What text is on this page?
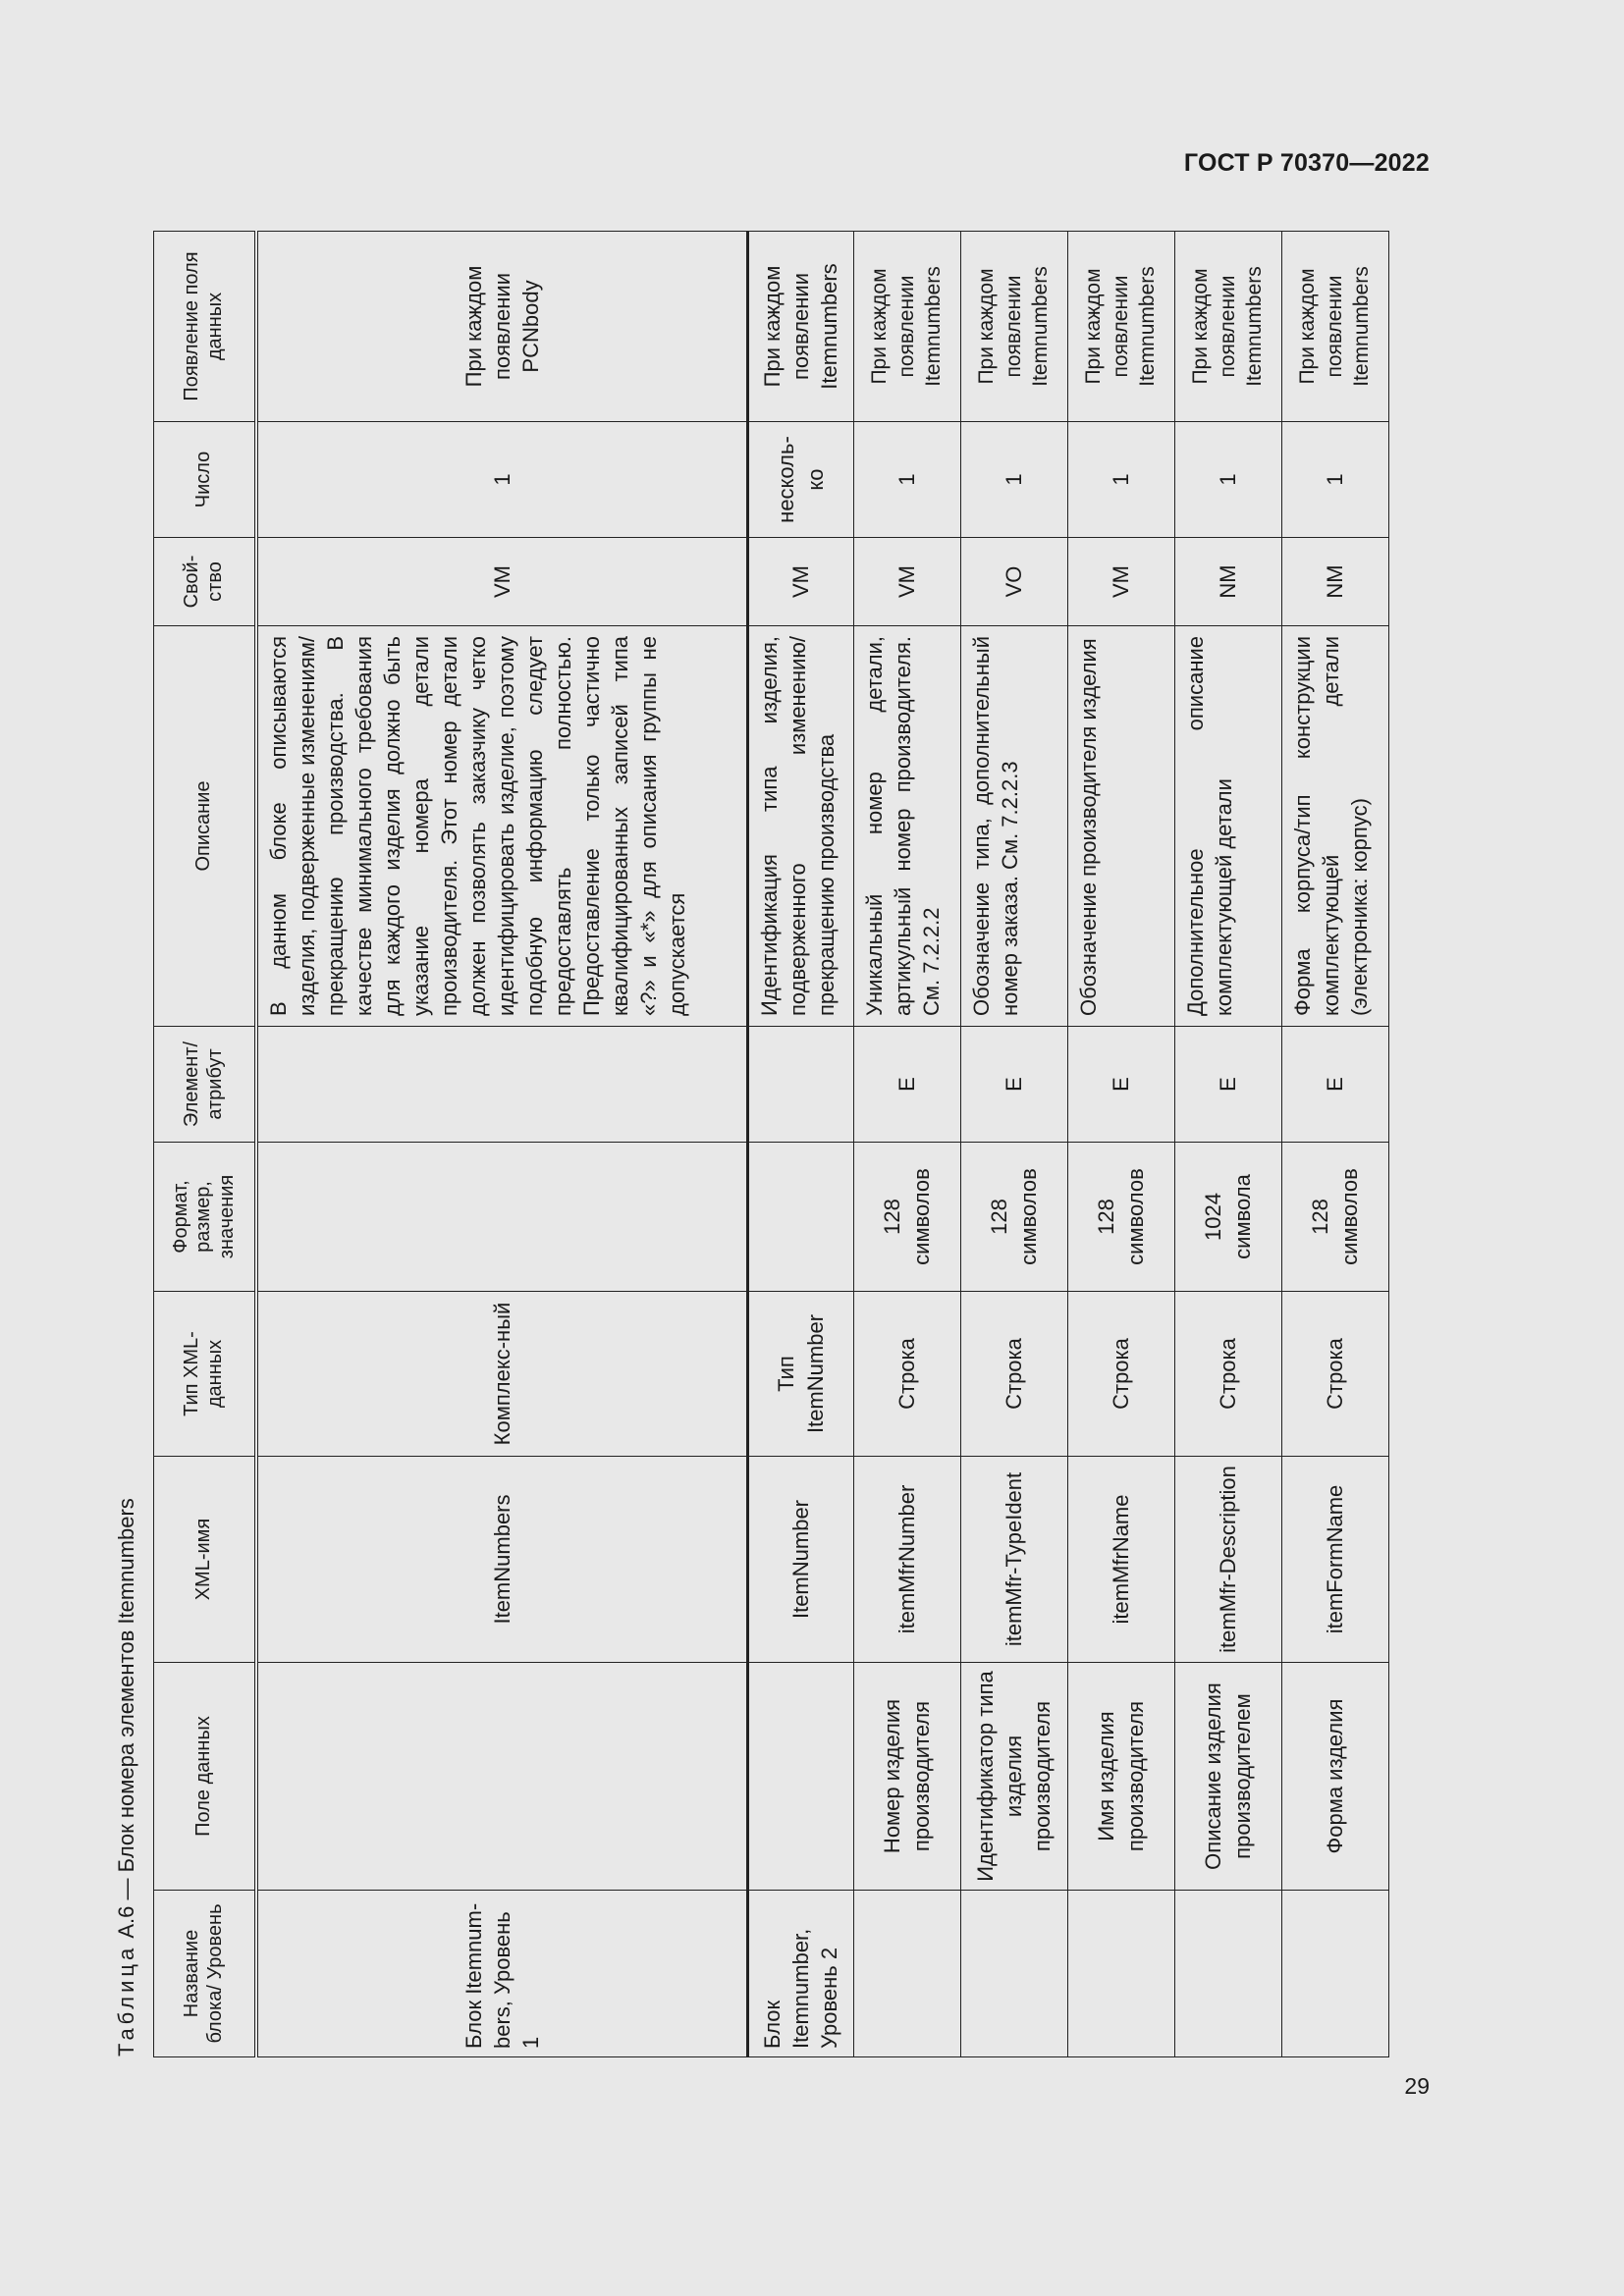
ГОСТ Р 70370—2022
Таблица А.6 — Блок номера элементов Itemnumbers
Название блока/ Уровень	Поле данных	XML-имя	Тип XML-данных	Формат, размер, значения	Элемент/ атрибут	Описание	Свой-ство	Число	Появление поля данных
Блок Itemnum-bers, Уровень 1		ItemNumbers	Комплекс-ный			В данном блоке описываются изделия, подверженные изменениям/прекращению производства. В качестве минимального требования для каждого изделия должно быть указание номера детали производителя. Этот номер детали должен позволять заказчику четко идентифицировать изделие, поэтому подобную информацию следует предоставлять полностью. Предоставление только частично квалифицированных записей типа «?» и «*» для описания группы не допускается	VM	1	При каждом появлении PCNbody
Блок Itemnumber, Уровень 2		ItemNumber	Тип ItemNumber			Идентификация типа изделия, подверженного изменению/прекращению производства	VM	несколь-ко	При каждом появлении Itemnumbers
	Номер изделия производителя	itemMfrNumber	Строка	128 символов	E	Уникальный номер детали, артикульный номер производителя. См. 7.2.2.2	VM	1	При каждом появлении Itemnumbers
	Идентификатор типа изделия производителя	itemMfr-TypeIdent	Строка	128 символов	E	Обозначение типа, дополнительный номер заказа. См. 7.2.2.3	VO	1	При каждом появлении Itemnumbers
	Имя изделия производителя	itemMfrName	Строка	128 символов	E	Обозначение производителя изделия	VM	1	При каждом появлении Itemnumbers
	Описание изделия производителем	itemMfr-Description	Строка	1024 символа	E	Дополнительное описание комплектующей детали	NM	1	При каждом появлении Itemnumbers
	Форма изделия	itemFormName	Строка	128 символов	E	Форма корпуса/тип конструкции комплектующей детали (электроника: корпус)	NM	1	При каждом появлении Itemnumbers
29
